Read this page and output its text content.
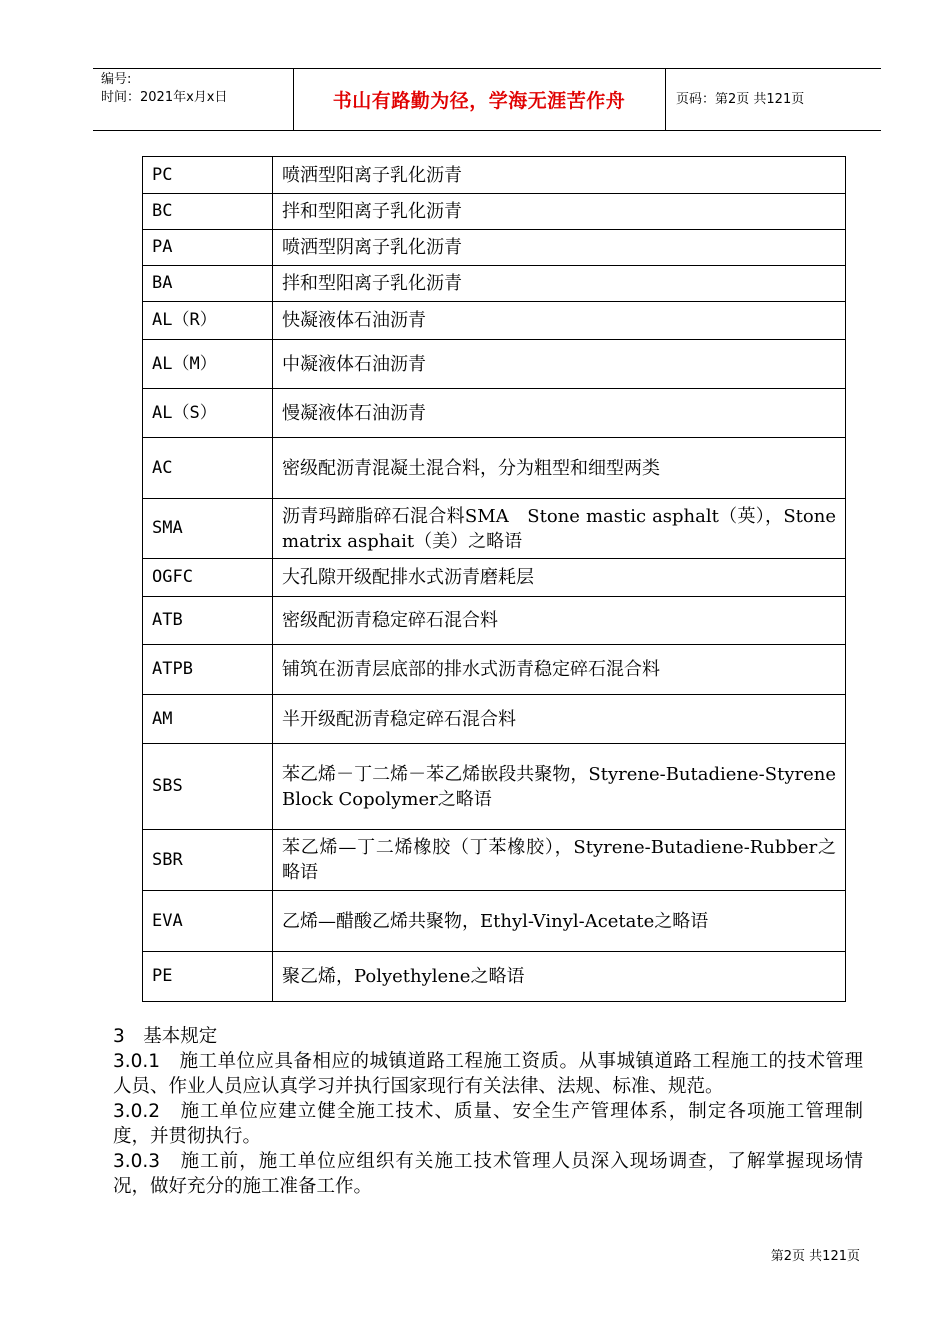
编号:
时间：2021年x月x日	书山有路勤为径，学海无涯苦作舟	页码：第2页 共121页
PC	喷洒型阳离子乳化沥青
BC	拌和型阳离子乳化沥青
PA	喷洒型阴离子乳化沥青
BA	拌和型阳离子乳化沥青
AL（R）	快凝液体石油沥青
AL（M）	中凝液体石油沥青
AL（S）	慢凝液体石油沥青
AC	密级配沥青混凝土混合料，分为粗型和细型两类
SMA	沥青玛蹄脂碎石混合料SMA　Stone mastic asphalt（英），Stone matrix asphait（美）之略语
OGFC	大孔隙开级配排水式沥青磨耗层
ATB	密级配沥青稳定碎石混合料
ATPB	铺筑在沥青层底部的排水式沥青稳定碎石混合料
AM	半开级配沥青稳定碎石混合料
SBS	苯乙烯－丁二烯－苯乙烯嵌段共聚物，Styrene-Butadiene-Styrene Block Copolymer之略语
SBR	苯乙烯—丁二烯橡胶（丁苯橡胶），Styrene-Butadiene-Rubber之略语
EVA	乙烯—醋酸乙烯共聚物，Ethyl-Vinyl-Acetate之略语
PE	聚乙烯，Polyethylene之略语

3　基本规定

3.0.1　施工单位应具备相应的城镇道路工程施工资质。从事城镇道路工程施工的技术管理人员、作业人员应认真学习并执行国家现行有关法律、法规、标准、规范。

3.0.2　施工单位应建立健全施工技术、质量、安全生产管理体系，制定各项施工管理制度，并贯彻执行。

3.0.3　施工前，施工单位应组织有关施工技术管理人员深入现场调查，了解掌握现场情况，做好充分的施工准备工作。

第2页 共121页
